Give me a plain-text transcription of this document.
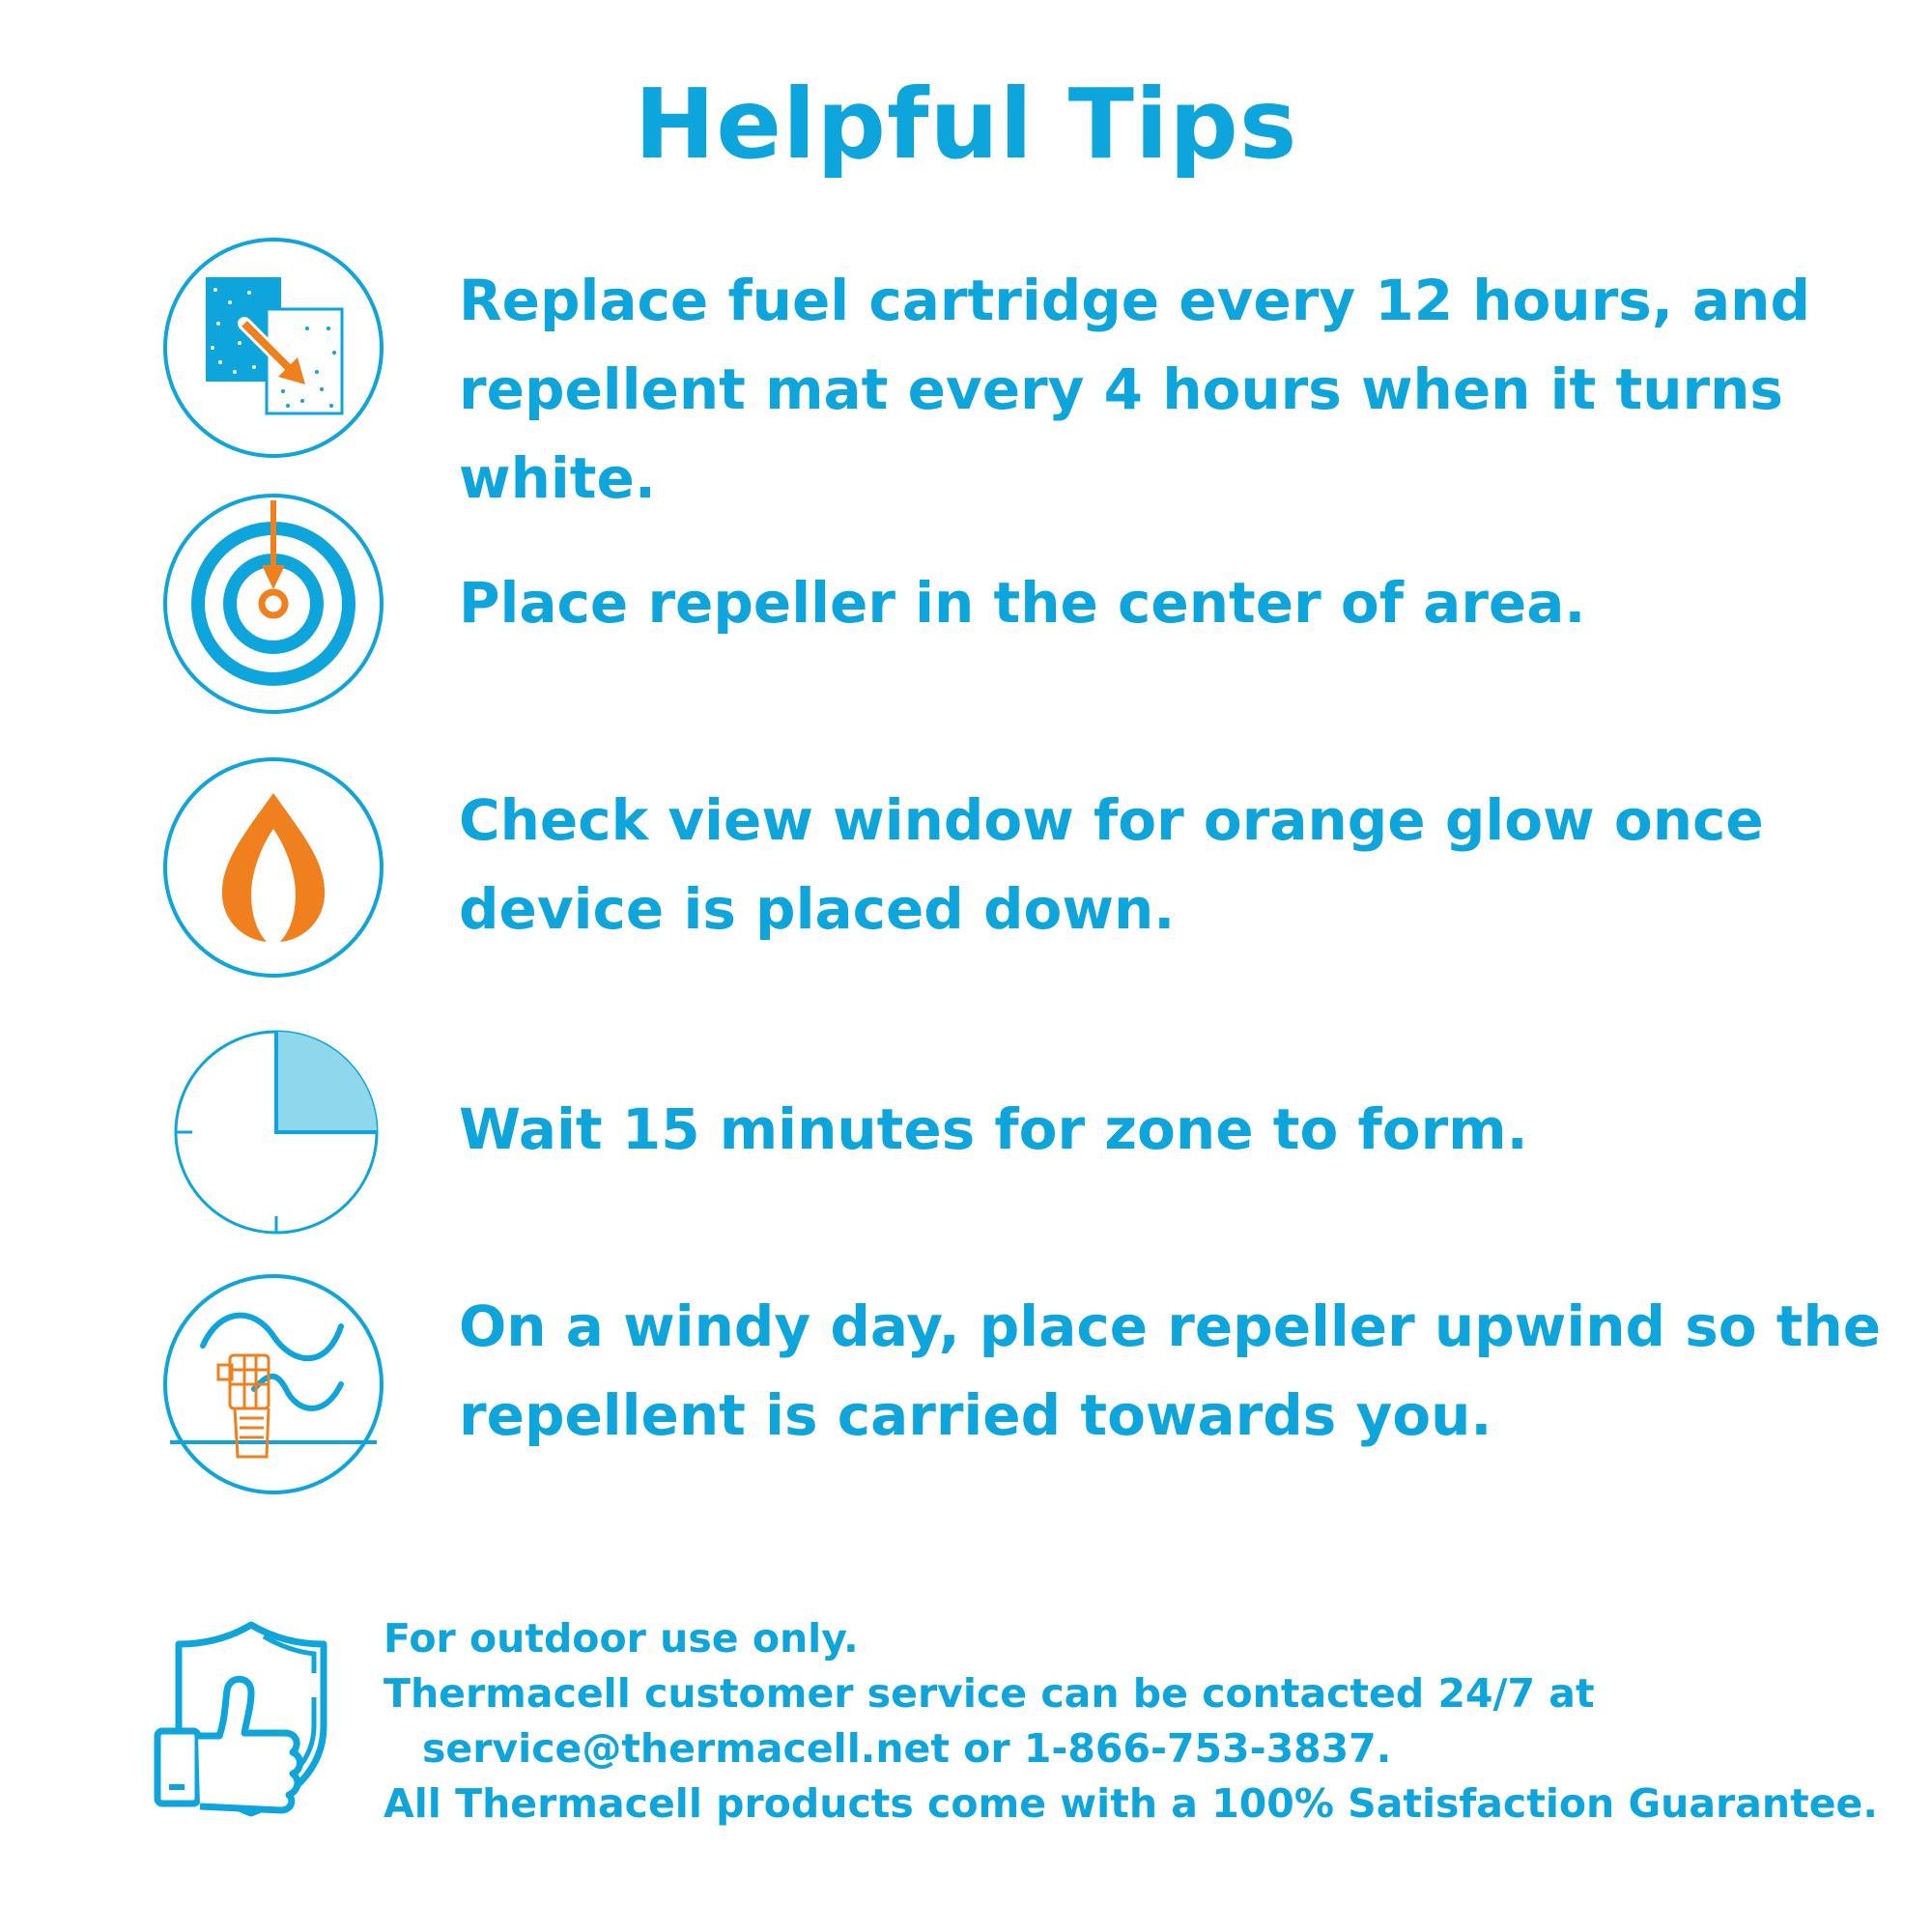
Helpful Tips
Replace fuel cartridge every 12 hours, and
repellent mat every 4 hours when it turns white.
Place repeller in the center of area.
Check view window for orange glow once
device is placed down.
Wait 15 minutes for zone to form.
On a windy day, place repeller upwind so the
repellent is carried towards you.
For outdoor use only.
Thermacell customer service can be contacted 24/7 at
service@thermacell.net or 1-866-753-3837.
All Thermacell products come with a 100% Satisfaction Guarantee.
